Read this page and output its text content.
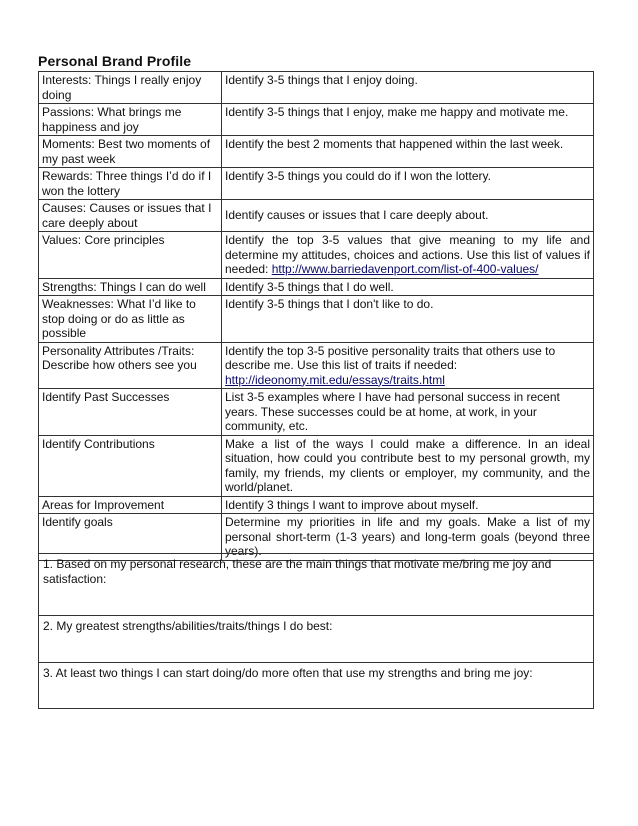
Personal Brand Profile
Interests: Things I really enjoy doing	Identify 3-5 things that I enjoy doing.
Passions: What brings me happiness and joy	Identify 3-5 things that I enjoy, make me happy and motivate me.
Moments: Best two moments of my past week	Identify the best 2 moments that happened within the last week.
Rewards: Three things I’d do if I won the lottery	Identify 3-5 things you could do if I won the lottery.
Causes: Causes or issues that I care deeply about	Identify causes or issues that I care deeply about.
Values: Core principles	Identify the top 3-5 values that give meaning to my life and determine my attitudes, choices and actions. Use this list of values if needed: http://www.barriedavenport.com/list-of-400-values/
Strengths: Things I can do well	Identify 3-5 things that I do well.
Weaknesses: What I’d like to stop doing or do as little as possible	Identify 3-5 things that I don't like to do.
Personality Attributes /Traits: Describe how others see you	Identify the top 3-5 positive personality traits that others use to describe me. Use this list of traits if needed: http://ideonomy.mit.edu/essays/traits.html
Identify Past Successes	List 3-5 examples where I have had personal success in recent years. These successes could be at home, at work, in your community, etc.
Identify Contributions	Make a list of the ways I could make a difference. In an ideal situation, how could you contribute best to my personal growth, my family, my friends, my clients or employer, my community, and the world/planet.
Areas for Improvement	Identify 3 things I want to improve about myself.
Identify goals	Determine my priorities in life and my goals. Make a list of my personal short-term (1-3 years) and long-term goals (beyond three years).
1. Based on my personal research, these are the main things that motivate me/bring me joy and satisfaction:
2. My greatest strengths/abilities/traits/things I do best:
3. At least two things I can start doing/do more often that use my strengths and bring me joy:
